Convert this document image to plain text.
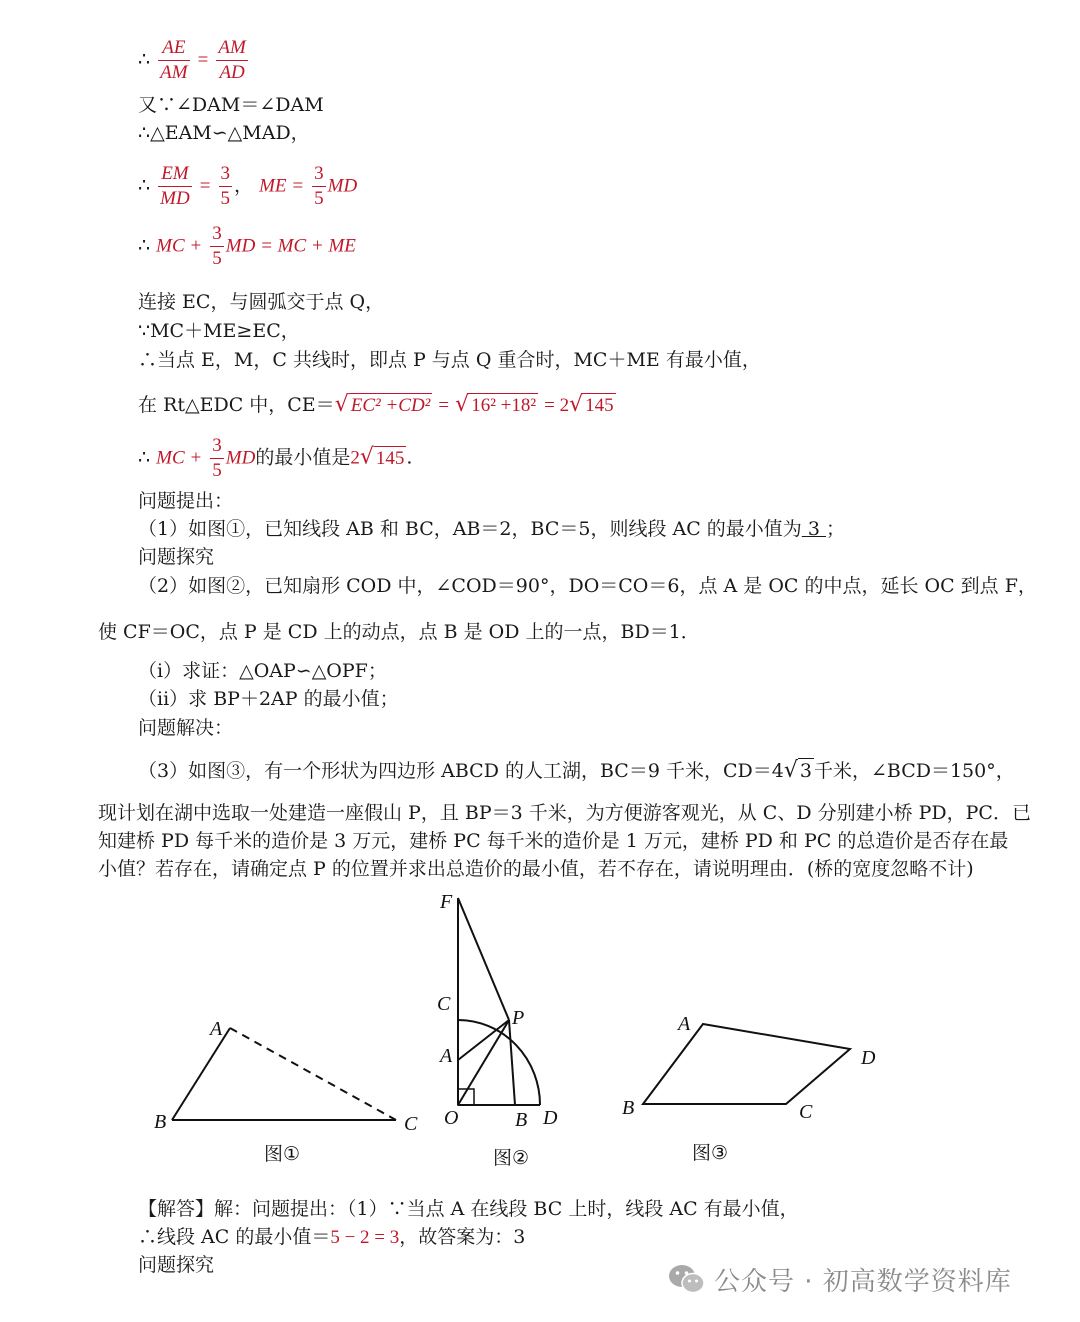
∴ $\frac{AE}{AM} = \frac{AM}{AD}$
又∵∠DAM＝∠DAM
∴△EAM∽△MAD，
∴ $\frac{EM}{MD} = \frac{3}{5}$ ， ME = $\frac{3}{5}$ MD
∴ MC + $\frac{3}{5}$ MD = MC + ME
连接 EC，与圆弧交于点 Q，
∵MC＋ME≥EC，
∴当点 E，M，C 共线时，即点 P 与点 Q 重合时，MC＋ME 有最小值，
在 Rt△EDC 中，CE＝√ EC² +CD² = √ 16² +18² = 2√ 145
∴ MC + $\frac{3}{5}$ MD的最小值是2√ 145 .
问题提出：
（1）如图①，已知线段 AB 和 BC，AB＝2，BC＝5，则线段 AC 的最小值为 3 ；
问题探究
（2）如图②，已知扇形 COD 中，∠COD＝90°，DO＝CO＝6，点 A 是 OC 的中点，延长 OC 到点 F，
使 CF＝OC，点 P 是 CD 上的动点，点 B 是 OD 上的一点，BD＝1．
（i）求证：△OAP∽△OPF；
（ii）求 BP＋2AP 的最小值；
问题解决：
（3）如图③，有一个形状为四边形 ABCD 的人工湖，BC＝9 千米，CD＝4√ 3 千米，∠BCD＝150°，
现计划在湖中选取一处建造一座假山 P，且 BP＝3 千米，为方便游客观光，从 C、D 分别建小桥 PD，PC．已
知建桥 PD 每千米的造价是 3 万元，建桥 PC 每千米的造价是 1 万元，建桥 PD 和 PC 的总造价是否存在最
小值？若存在，请确定点 P 的位置并求出总造价的最小值，若不存在，请说明理由．(桥的宽度忽略不计)
A
B	C
图①
F
C
P
A
O	B D
图②
A
B	C
D
图③
【解答】解：问题提出：（1）∵当点 A 在线段 BC 上时，线段 AC 有最小值，
∴线段 AC 的最小值＝5 − 2 = 3，故答案为：3
问题探究
公众号 · 初高数学资料库
